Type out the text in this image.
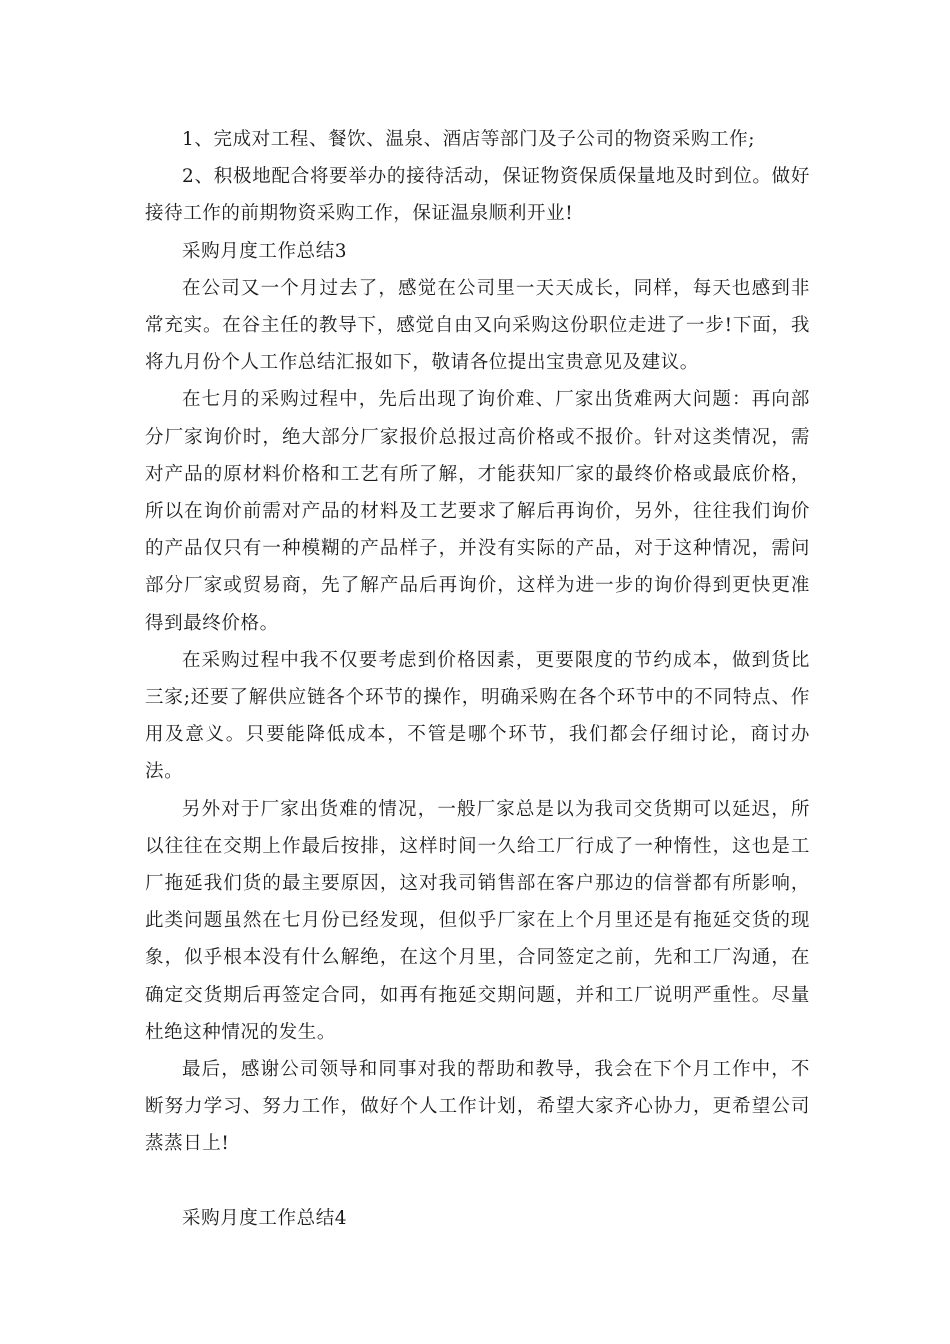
1、完成对工程、餐饮、温泉、酒店等部门及子公司的物资采购工作;

2、积极地配合将要举办的接待活动，保证物资保质保量地及时到位。做好接待工作的前期物资采购工作，保证温泉顺利开业!

采购月度工作总结3

在公司又一个月过去了，感觉在公司里一天天成长，同样，每天也感到非常充实。在谷主任的教导下，感觉自由又向采购这份职位走进了一步!下面，我将九月份个人工作总结汇报如下，敬请各位提出宝贵意见及建议。

在七月的采购过程中，先后出现了询价难、厂家出货难两大问题：再向部分厂家询价时，绝大部分厂家报价总报过高价格或不报价。针对这类情况，需对产品的原材料价格和工艺有所了解，才能获知厂家的最终价格或最底价格，所以在询价前需对产品的材料及工艺要求了解后再询价，另外，往往我们询价的产品仅只有一种模糊的产品样子，并没有实际的产品，对于这种情况，需问部分厂家或贸易商，先了解产品后再询价，这样为进一步的询价得到更快更准得到最终价格。

在采购过程中我不仅要考虑到价格因素，更要限度的节约成本，做到货比三家;还要了解供应链各个环节的操作，明确采购在各个环节中的不同特点、作用及意义。只要能降低成本，不管是哪个环节，我们都会仔细讨论，商讨办法。

另外对于厂家出货难的情况，一般厂家总是以为我司交货期可以延迟，所以往往在交期上作最后按排，这样时间一久给工厂行成了一种惰性，这也是工厂拖延我们货的最主要原因，这对我司销售部在客户那边的信誉都有所影响，此类问题虽然在七月份已经发现，但似乎厂家在上个月里还是有拖延交货的现象，似乎根本没有什么解绝，在这个月里，合同签定之前，先和工厂沟通，在确定交货期后再签定合同，如再有拖延交期问题，并和工厂说明严重性。尽量杜绝这种情况的发生。

最后，感谢公司领导和同事对我的帮助和教导，我会在下个月工作中，不断努力学习、努力工作，做好个人工作计划，希望大家齐心协力，更希望公司蒸蒸日上!

采购月度工作总结4
